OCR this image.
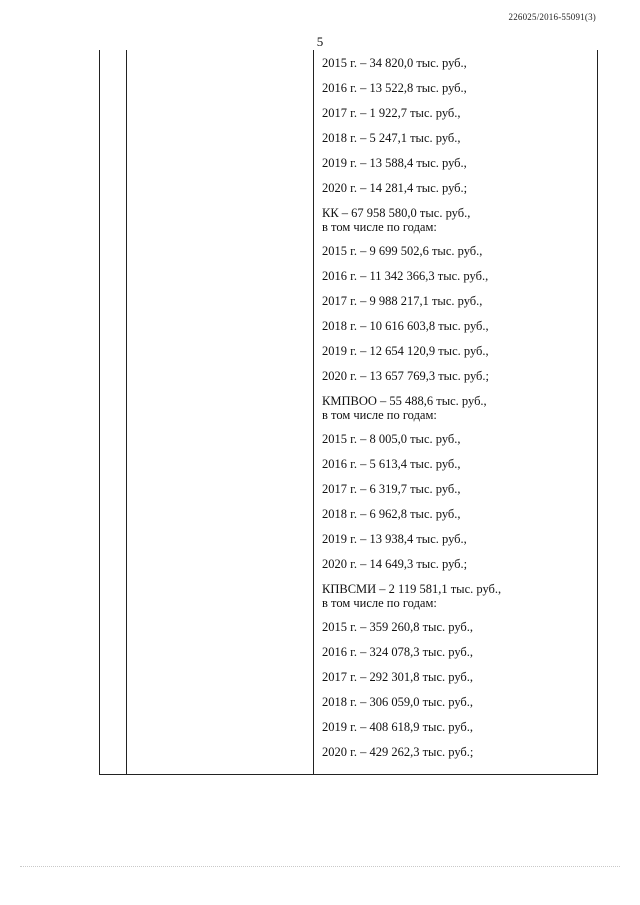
226025/2016-55091(3)
5
2015 г. – 34 820,0 тыс. руб.,
2016 г. – 13 522,8 тыс. руб.,
2017 г. – 1 922,7 тыс. руб.,
2018 г. – 5 247,1 тыс. руб.,
2019 г. – 13 588,4 тыс. руб.,
2020 г. – 14 281,4 тыс. руб.;
КК – 67 958 580,0 тыс. руб.,
в том числе по годам:
2015 г. – 9 699 502,6 тыс. руб.,
2016 г. – 11 342 366,3 тыс. руб.,
2017 г. – 9 988 217,1 тыс. руб.,
2018 г. – 10 616 603,8 тыс. руб.,
2019 г. – 12 654 120,9 тыс. руб.,
2020 г. – 13 657 769,3 тыс. руб.;
КМПВОО – 55 488,6 тыс. руб.,
в том числе по годам:
2015 г. – 8 005,0 тыс. руб.,
2016 г. – 5 613,4 тыс. руб.,
2017 г. – 6 319,7 тыс. руб.,
2018 г. – 6 962,8 тыс. руб.,
2019 г. – 13 938,4 тыс. руб.,
2020 г. – 14 649,3 тыс. руб.;
КПВСМИ – 2 119 581,1 тыс. руб.,
в том числе по годам:
2015 г. – 359 260,8 тыс. руб.,
2016 г. – 324 078,3 тыс. руб.,
2017 г. – 292 301,8 тыс. руб.,
2018 г. – 306 059,0 тыс. руб.,
2019 г. – 408 618,9 тыс. руб.,
2020 г. – 429 262,3 тыс. руб.;
